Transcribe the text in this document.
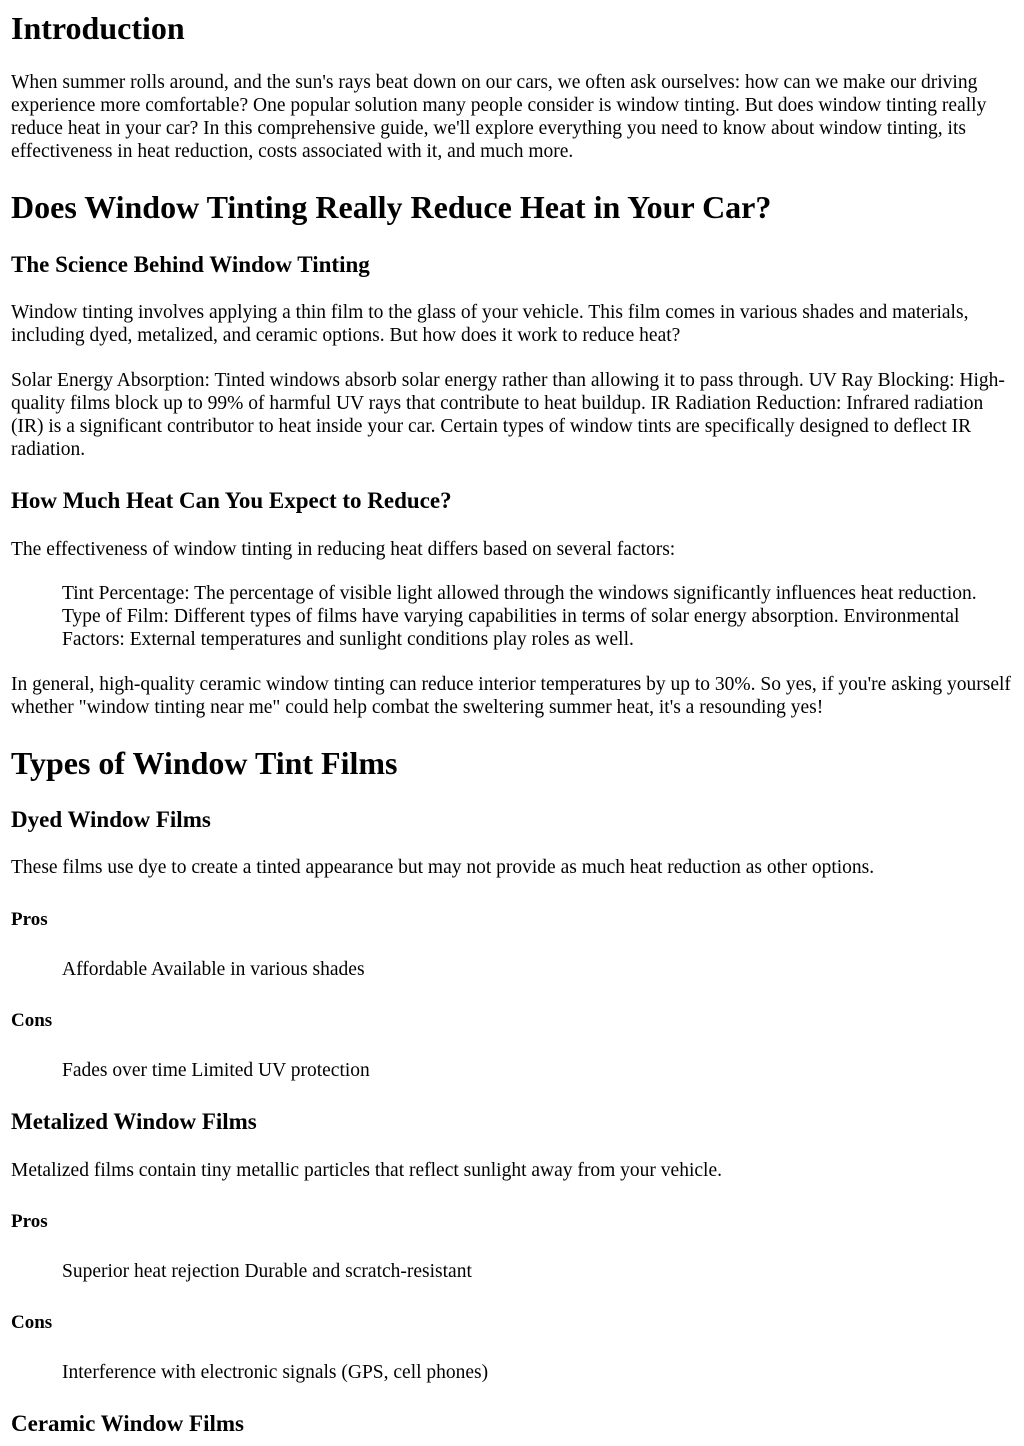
Introduction

When summer rolls around, and the sun's rays beat down on our cars, we often ask ourselves: how can we make our driving experience more comfortable? One popular solution many people consider is window tinting. But does window tinting really reduce heat in your car? In this comprehensive guide, we'll explore everything you need to know about window tinting, its effectiveness in heat reduction, costs associated with it, and much more.

Does Window Tinting Really Reduce Heat in Your Car?
The Science Behind Window Tinting

Window tinting involves applying a thin film to the glass of your vehicle. This film comes in various shades and materials, including dyed, metalized, and ceramic options. But how does it work to reduce heat?

Solar Energy Absorption: Tinted windows absorb solar energy rather than allowing it to pass through. UV Ray Blocking: High-quality films block up to 99% of harmful UV rays that contribute to heat buildup. IR Radiation Reduction: Infrared radiation (IR) is a significant contributor to heat inside your car. Certain types of window tints are specifically designed to deflect IR radiation.

How Much Heat Can You Expect to Reduce?

The effectiveness of window tinting in reducing heat differs based on several factors:

Tint Percentage: The percentage of visible light allowed through the windows significantly influences heat reduction. Type of Film: Different types of films have varying capabilities in terms of solar energy absorption. Environmental Factors: External temperatures and sunlight conditions play roles as well.

In general, high-quality ceramic window tinting can reduce interior temperatures by up to 30%. So yes, if you're asking yourself whether "window tinting near me" could help combat the sweltering summer heat, it's a resounding yes!

Types of Window Tint Films
Dyed Window Films

These films use dye to create a tinted appearance but may not provide as much heat reduction as other options.

Pros

Affordable Available in various shades

Cons

Fades over time Limited UV protection

Metalized Window Films

Metalized films contain tiny metallic particles that reflect sunlight away from your vehicle.

Pros

Superior heat rejection Durable and scratch-resistant

Cons

Interference with electronic signals (GPS, cell phones)

Ceramic Window Films
